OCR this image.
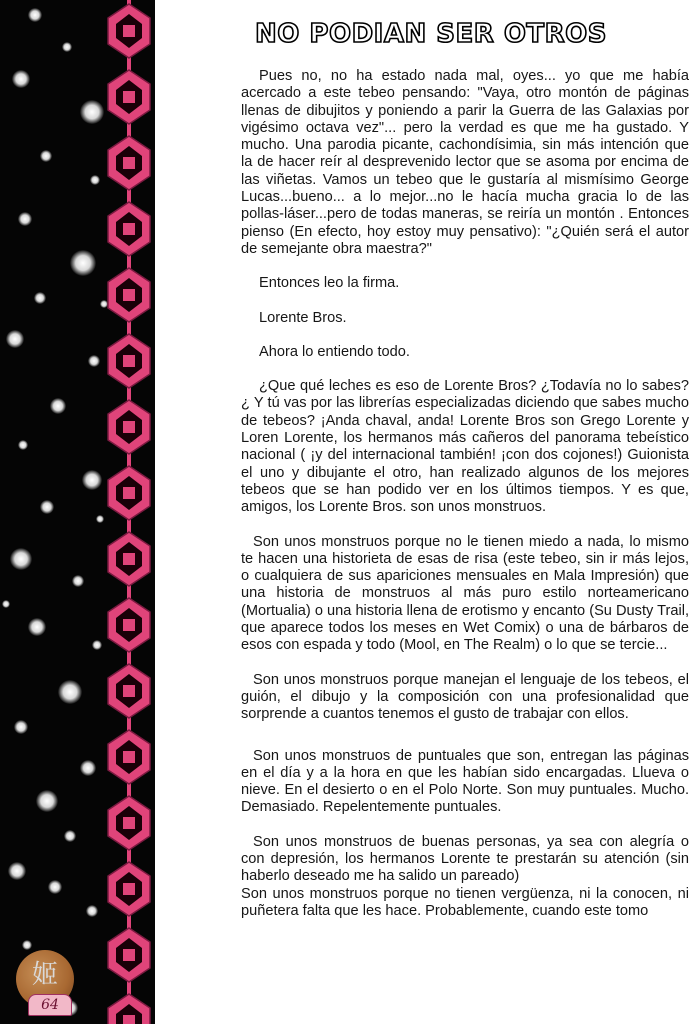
姬
64
NO PODIAN SER OTROS

Pues no, no ha estado nada mal, oyes... yo que me había acercado a este tebeo pensando: "Vaya, otro montón de páginas llenas de dibujitos y poniendo a parir la Guerra de las Galaxias por vigésimo octava vez"... pero la verdad es que me ha gustado. Y mucho. Una parodia picante, cachondísimia, sin más intención que la de hacer reír al desprevenido lector que se asoma por encima de las viñetas. Vamos un tebeo que le gustaría al mismísimo George Lucas...bueno... a lo mejor...no le hacía mucha gracia lo de las pollas-láser...pero de todas maneras, se reiría un montón . Entonces pienso (En efecto, hoy estoy muy pensativo): "¿Quién será el autor de semejante obra maestra?"

Entonces leo la firma.

Lorente Bros.

Ahora lo entiendo todo.

¿Que qué leches es eso de Lorente Bros? ¿Todavía no lo sabes? ¿ Y tú vas por las librerías especializadas diciendo que sabes mucho de tebeos? ¡Anda chaval, anda! Lorente Bros son Grego Lorente y Loren Lorente, los hermanos más cañeros del panorama tebeístico nacional ( ¡y del internacional también! ¡con dos cojones!) Guionista el uno y dibujante el otro, han realizado algunos de los mejores tebeos que se han podido ver en los últimos tiempos. Y es que, amigos, los Lorente Bros. son unos monstruos.

Son unos monstruos porque no le tienen miedo a nada, lo mismo te hacen una historieta de esas de risa (este tebeo, sin ir más lejos, o cualquiera de sus apariciones mensuales en Mala Impresión) que una historia de monstruos al más puro estilo norteamericano (Mortualia) o una historia llena de erotismo y encanto (Su Dusty Trail, que aparece todos los meses en Wet Comix) o una de bárbaros de esos con espada y todo (Mool, en The Realm) o lo que se tercie...

Son unos monstruos porque manejan el lenguaje de los tebeos, el guión, el dibujo y la composición con una profesionalidad que sorprende a cuantos tenemos el gusto de trabajar con ellos.

Son unos monstruos de puntuales que son, entregan las páginas en el día y a la hora en que les habían sido encargadas. Llueva o nieve. En el desierto o en el Polo Norte. Son muy puntuales. Mucho. Demasiado. Repelentemente puntuales.

Son unos monstruos de buenas personas, ya sea con alegría o con depresión, los hermanos Lorente te prestarán su atención (sin haberlo deseado me ha salido un pareado)

Son unos monstruos porque no tienen vergüenza, ni la conocen, ni puñetera falta que les hace. Probablemente, cuando este tomo
